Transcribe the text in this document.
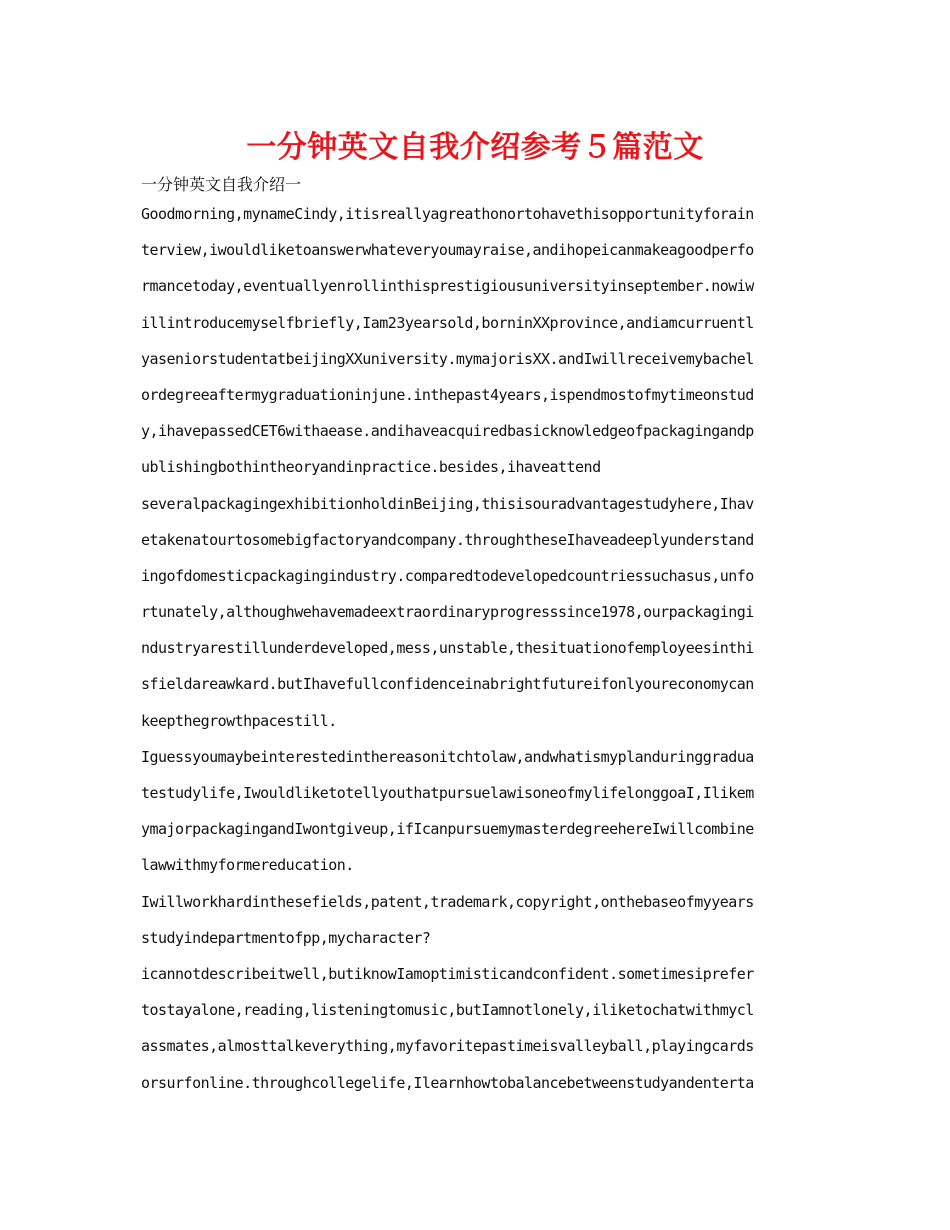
一分钟英文自我介绍参考５篇范文

一分钟英文自我介绍一

Goodmorning,mynameCindy,itisreallyagreathonortohavethisopportunityforain
terview,iwouldliketoanswerwhateveryoumayraise,andihopeicanmakeagoodperfo
rmancetoday,eventuallyenrollinthisprestigiousuniversityinseptember.nowiw
illintroducemyselfbriefly,Iam23yearsold,borninXXprovince,andiamcurruentl
yaseniorstudentatbeijingXXuniversity.mymajorisXX.andIwillreceivemybachel
ordegreeaftermygraduationinjune.inthepast4years,ispendmostofmytimeonstud
y,ihavepassedCET6withaease.andihaveacquiredbasicknowledgeofpackagingandp
ublishingbothintheoryandinpractice.besides,ihaveattend
severalpackagingexhibitionholdinBeijing,thisisouradvantagestudyhere,Ihav
etakenatourtosomebigfactoryandcompany.throughtheseIhaveadeeplyunderstand
ingofdomesticpackagingindustry.comparedtodevelopedcountriessuchasus,unfo
rtunately,althoughwehavemadeextraordinaryprogresssince1978,ourpackagingi
ndustryarestillunderdeveloped,mess,unstable,thesituationofemployeesinthi
sfieldareawkard.butIhavefullconfidenceinabrightfutureifonlyoureconomycan
keepthegrowthpacestill.
Iguessyoumaybeinterestedinthereasonitchtolaw,andwhatismyplanduringgradua
testudylife,IwouldliketotellyouthatpursuelawisoneofmylifelonggoaI,Ilikem
ymajorpackagingandIwontgiveup,ifIcanpursuemymasterdegreehereIwillcombine
lawwithmyformereducation.
Iwillworkhardinthesefields,patent,trademark,copyright,onthebaseofmyyears
studyindepartmentofpp,mycharacter?
icannotdescribeitwell,butiknowIamoptimisticandconfident.sometimesiprefer
tostayalone,reading,listeningtomusic,butIamnotlonely,iliketochatwithmycl
assmates,almosttalkeverything,myfavoritepastimeisvalleyball,playingcards
orsurfonline.throughcollegelife,Ilearnhowtobalancebetweenstudyandenterta
